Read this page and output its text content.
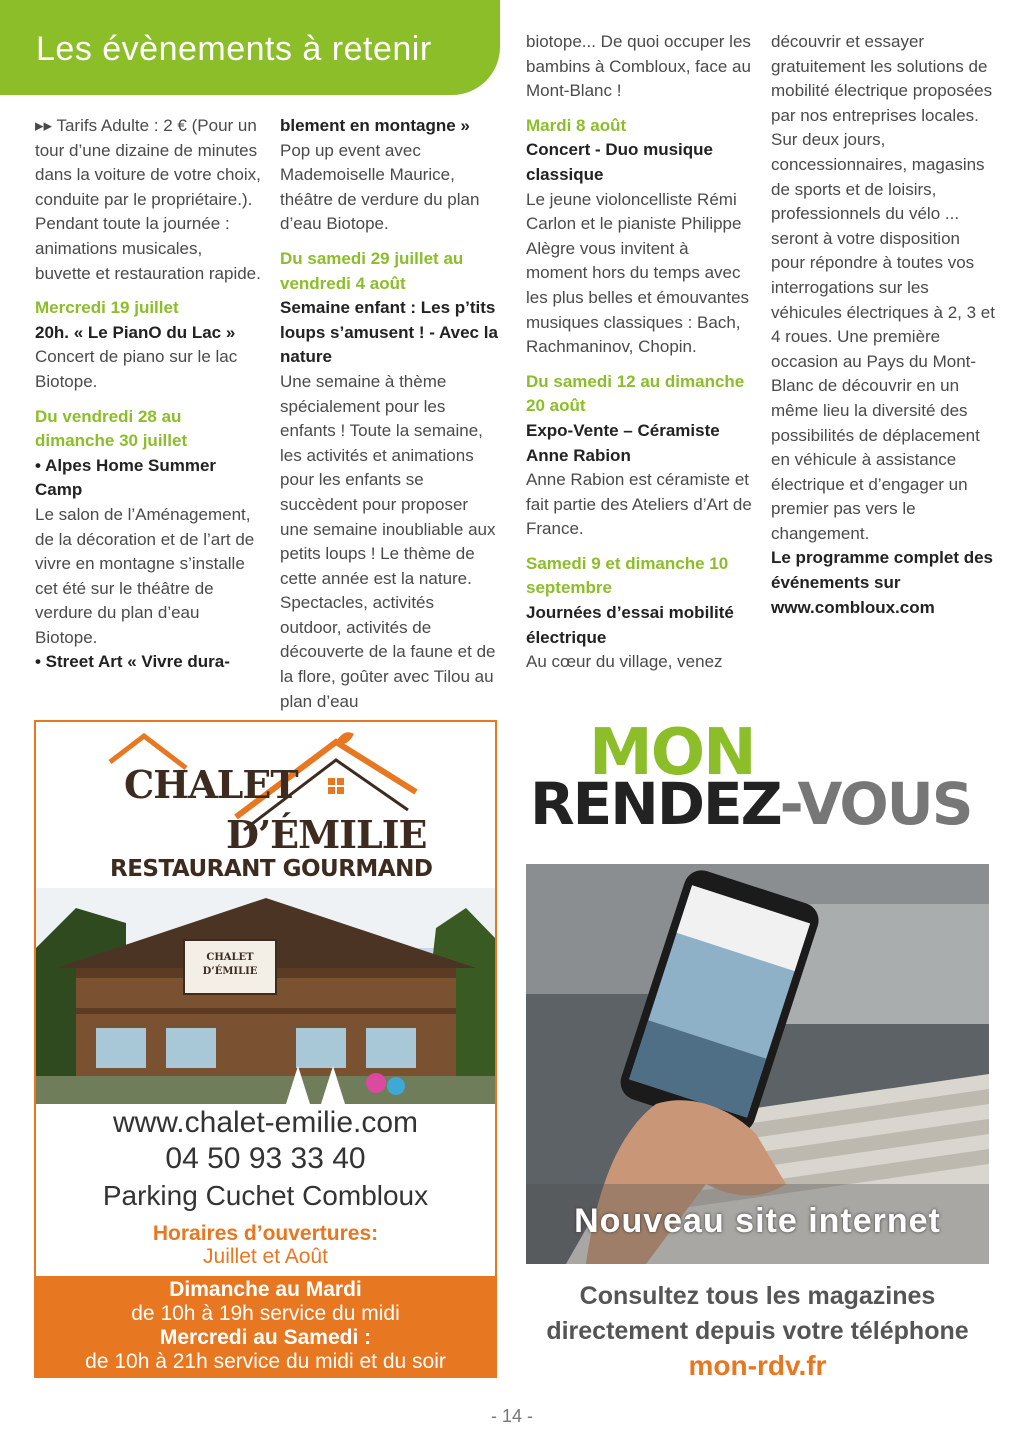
Les évènements à retenir

▸▸ Tarifs Adulte : 2 € (Pour un tour d’une dizaine de minutes dans la voiture de votre choix, conduite par le propriétaire.). Pendant toute la journée : animations musicales, buvette et restauration rapide.

Mercredi 19 juillet

20h. « Le PianO du Lac »

Concert de piano sur le lac Biotope.

Du vendredi 28 au dimanche 30 juillet

• Alpes Home Summer Camp

Le salon de l’Aménagement, de la décoration et de l’art de vivre en montagne s’installe cet été sur le théâtre de verdure du plan d’eau Biotope.

• Street Art « Vivre dura-

blement en montagne »

Pop up event avec Mademoiselle Maurice, théâtre de verdure du plan d’eau Biotope.

Du samedi 29 juillet au vendredi 4 août

Semaine enfant : Les p’tits loups s’amusent ! - Avec la nature

Une semaine à thème spécialement pour les enfants ! Toute la semaine, les activités et animations pour les enfants se succèdent pour proposer une semaine inoubliable aux petits loups ! Le thème de cette année est la nature. Spectacles, activités outdoor, activités de découverte de la faune et de la flore, goûter avec Tilou au plan d’eau

biotope... De quoi occuper les bambins à Combloux, face au Mont-Blanc !

Mardi 8 août

Concert - Duo musique classique

Le jeune violoncelliste Rémi Carlon et le pianiste Philippe Alègre vous invitent à moment hors du temps avec les plus belles et émouvantes musiques classiques : Bach, Rachmaninov, Chopin.

Du samedi 12 au dimanche 20 août

Expo-Vente – Céramiste Anne Rabion

Anne Rabion est céramiste et fait partie des Ateliers d’Art de France.

Samedi 9 et dimanche 10 septembre

Journées d’essai mobilité électrique

Au cœur du village, venez

découvrir et essayer gratuitement les solutions de mobilité électrique proposées par nos entreprises locales. Sur deux jours, concessionnaires, magasins de sports et de loisirs, professionnels du vélo ... seront à votre disposition pour répondre à toutes vos interrogations sur les véhicules électriques à 2, 3 et 4 roues. Une première occasion au Pays du Mont-Blanc de découvrir en un même lieu la diversité des possibilités de déplacement en véhicule à assistance électrique et d’engager un premier pas vers le changement.

Le programme complet des événements sur www.combloux.com

CHALET
D’ÉMILIE
RESTAURANT GOURMAND
CHALET
D’ÉMILIE
www.chalet-emilie.com
04 50 93 33 40
Parking Cuchet Combloux
Horaires d’ouvertures:
Juillet et Août
Dimanche au Mardi
de 10h à 19h service du midi
Mercredi au Samedi :
de 10h à 21h service du midi et du soir
MON
RENDEZ-VOUS
Nouveau site internet
Consultez tous les magazines
directement depuis votre téléphone
mon-rdv.fr
- 14 -
